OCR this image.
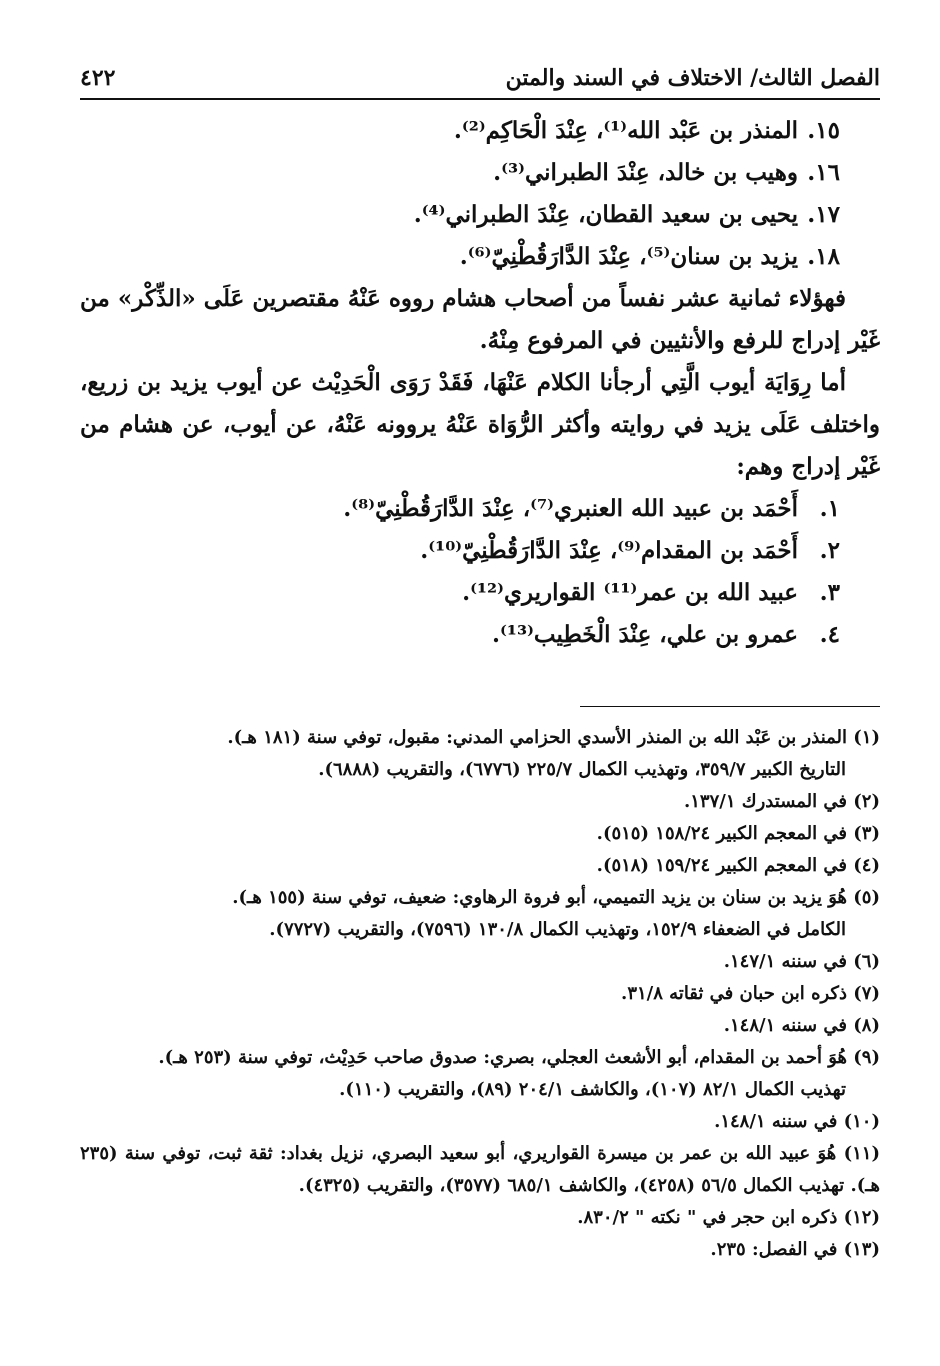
الفصل الثالث/ الاختلاف في السند والمتن
٤٢٢
١٥. المنذر بن عَبْد الله⁽¹⁾، عِنْدَ الْحَاكِم⁽²⁾.
١٦. وهيب بن خالد، عِنْدَ الطبراني⁽³⁾.
١٧. يحيى بن سعيد القطان، عِنْدَ الطبراني⁽⁴⁾.
١٨. يزيد بن سنان⁽⁵⁾، عِنْدَ الدَّارَقُطْنِيّ⁽⁶⁾.
فهؤلاء ثمانية عشر نفساً من أصحاب هشام رووه عَنْهُ مقتصرين عَلَى «الذِّكْر» من غَيْر إدراج للرفع والأنثيين في المرفوع مِنْهُ.
أما رِوَايَة أيوب الَّتِي أرجأنا الكلام عَنْهَا، فَقَدْ رَوَى الْحَدِيْث عن أيوب يزيد بن زريع، واختلف عَلَى يزيد في روايته وأكثر الرُّوَاة عَنْهُ يروونه عَنْهُ، عن أيوب، عن هشام من غَيْر إدراج وهم:
١. أَحْمَد بن عبيد الله العنبري⁽⁷⁾، عِنْدَ الدَّارَقُطْنِيّ⁽⁸⁾.
٢. أَحْمَد بن المقدام⁽⁹⁾، عِنْدَ الدَّارَقُطْنِيّ⁽¹⁰⁾.
٣. عبيد الله بن عمر⁽¹¹⁾ القواريري⁽¹²⁾.
٤. عمرو بن علي، عِنْدَ الْخَطِيب⁽¹³⁾.
(١) المنذر بن عَبْد الله بن المنذر الأسدي الحزامي المدني: مقبول، توفي سنة (١٨١ هـ).
التاريخ الكبير ٣٥٩/٧، وتهذيب الكمال ٢٢٥/٧ (٦٧٧٦)، والتقريب (٦٨٨٨).
(٢) في المستدرك ١٣٧/١.
(٣) في المعجم الكبير ١٥٨/٢٤ (٥١٥).
(٤) في المعجم الكبير ١٥٩/٢٤ (٥١٨).
(٥) هُوَ يزيد بن سنان بن يزيد التميمي، أبو فروة الرهاوي: ضعيف، توفي سنة (١٥٥ هـ).
الكامل في الضعفاء ١٥٢/٩، وتهذيب الكمال ١٣٠/٨ (٧٥٩٦)، والتقريب (٧٧٢٧).
(٦) في سننه ١٤٧/١.
(٧) ذكره ابن حبان في ثقاته ٣١/٨.
(٨) في سننه ١٤٨/١.
(٩) هُوَ أحمد بن المقدام، أبو الأشعث العجلي، بصري: صدوق صاحب حَدِيْث، توفي سنة (٢٥٣ هـ).
تهذيب الكمال ٨٢/١ (١٠٧)، والكاشف ٢٠٤/١ (٨٩)، والتقريب (١١٠).
(١٠) في سننه ١٤٨/١.
(١١) هُوَ عبيد الله بن عمر بن ميسرة القواريري، أبو سعيد البصري، نزيل بغداد: ثقة ثبت، توفي سنة (٢٣٥ هـ). تهذيب الكمال ٥٦/٥ (٤٢٥٨)، والكاشف ٦٨٥/١ (٣٥٧٧)، والتقريب (٤٣٢٥).
(١٢) ذكره ابن حجر في " نكته " ٨٣٠/٢.
(١٣) في الفصل: ٢٣٥.
